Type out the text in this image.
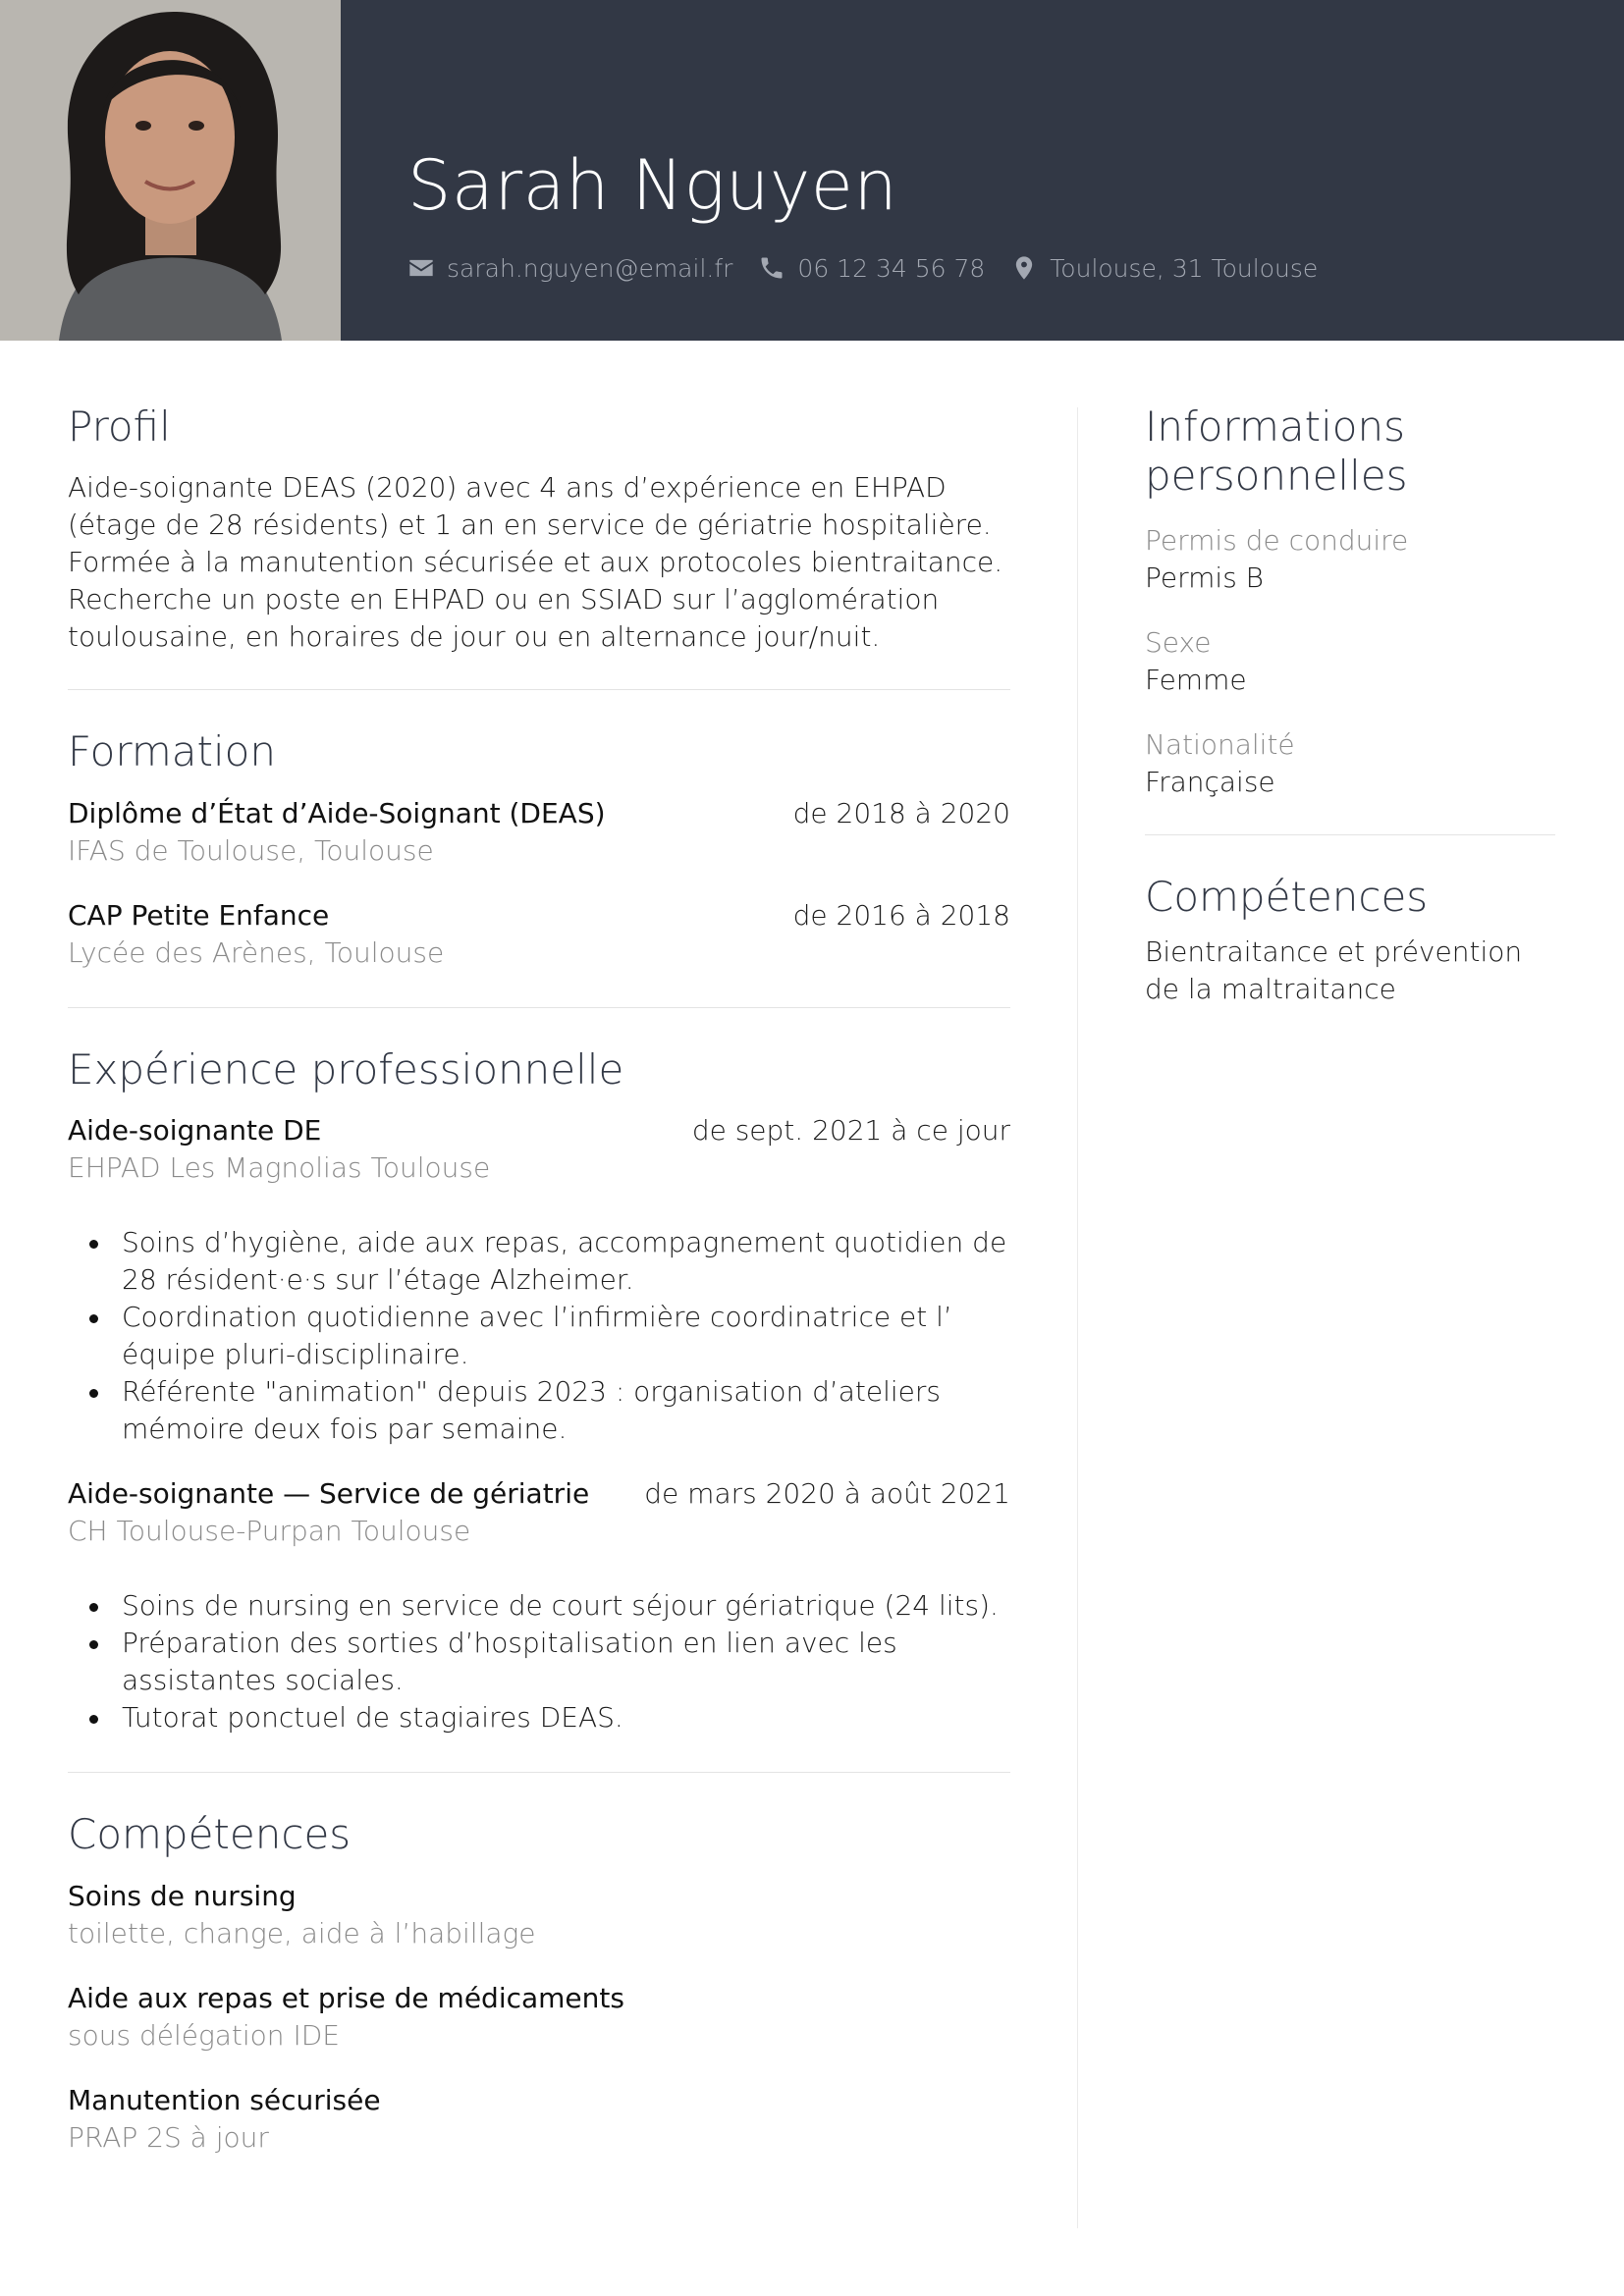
Sarah Nguyen
sarah.nguyen@email.fr	06 12 34 56 78	Toulouse, 31 Toulouse
Profil

Aide-soignante DEAS (2020) avec 4 ans d’expérience en EHPAD
(étage de 28 résidents) et 1 an en service de gériatrie hospitalière.
Formée à la manutention sécurisée et aux protocoles bientraitance.
Recherche un poste en EHPAD ou en SSIAD sur l’agglomération
toulousaine, en horaires de jour ou en alternance jour/nuit.

Formation
Diplôme d’État d’Aide-Soignant (DEAS)	de 2018 à 2020
IFAS de Toulouse, Toulouse
CAP Petite Enfance	de 2016 à 2018
Lycée des Arènes, Toulouse
Expérience professionnelle
Aide-soignante DE	de sept. 2021 à ce jour
EHPAD Les Magnolias Toulouse
Soins d’hygiène, aide aux repas, accompagnement quotidien de
28 résident·e·s sur l’étage Alzheimer.
Coordination quotidienne avec l’infirmière coordinatrice et l’
équipe pluri-disciplinaire.
Référente "animation" depuis 2023 : organisation d’ateliers
mémoire deux fois par semaine.
Aide-soignante — Service de gériatrie de mars 2020 à août 2021
CH Toulouse-Purpan Toulouse
Soins de nursing en service de court séjour gériatrique (24 lits).
Préparation des sorties d’hospitalisation en lien avec les
assistantes sociales.
Tutorat ponctuel de stagiaires DEAS.
Compétences
Soins de nursing
toilette, change, aide à l’habillage
Aide aux repas et prise de médicaments
sous délégation IDE
Manutention sécurisée
PRAP 2S à jour
Informations
personnelles
Permis de conduire
Permis B
Sexe
Femme
Nationalité
Française
Compétences

Bientraitance et prévention
de la maltraitance
